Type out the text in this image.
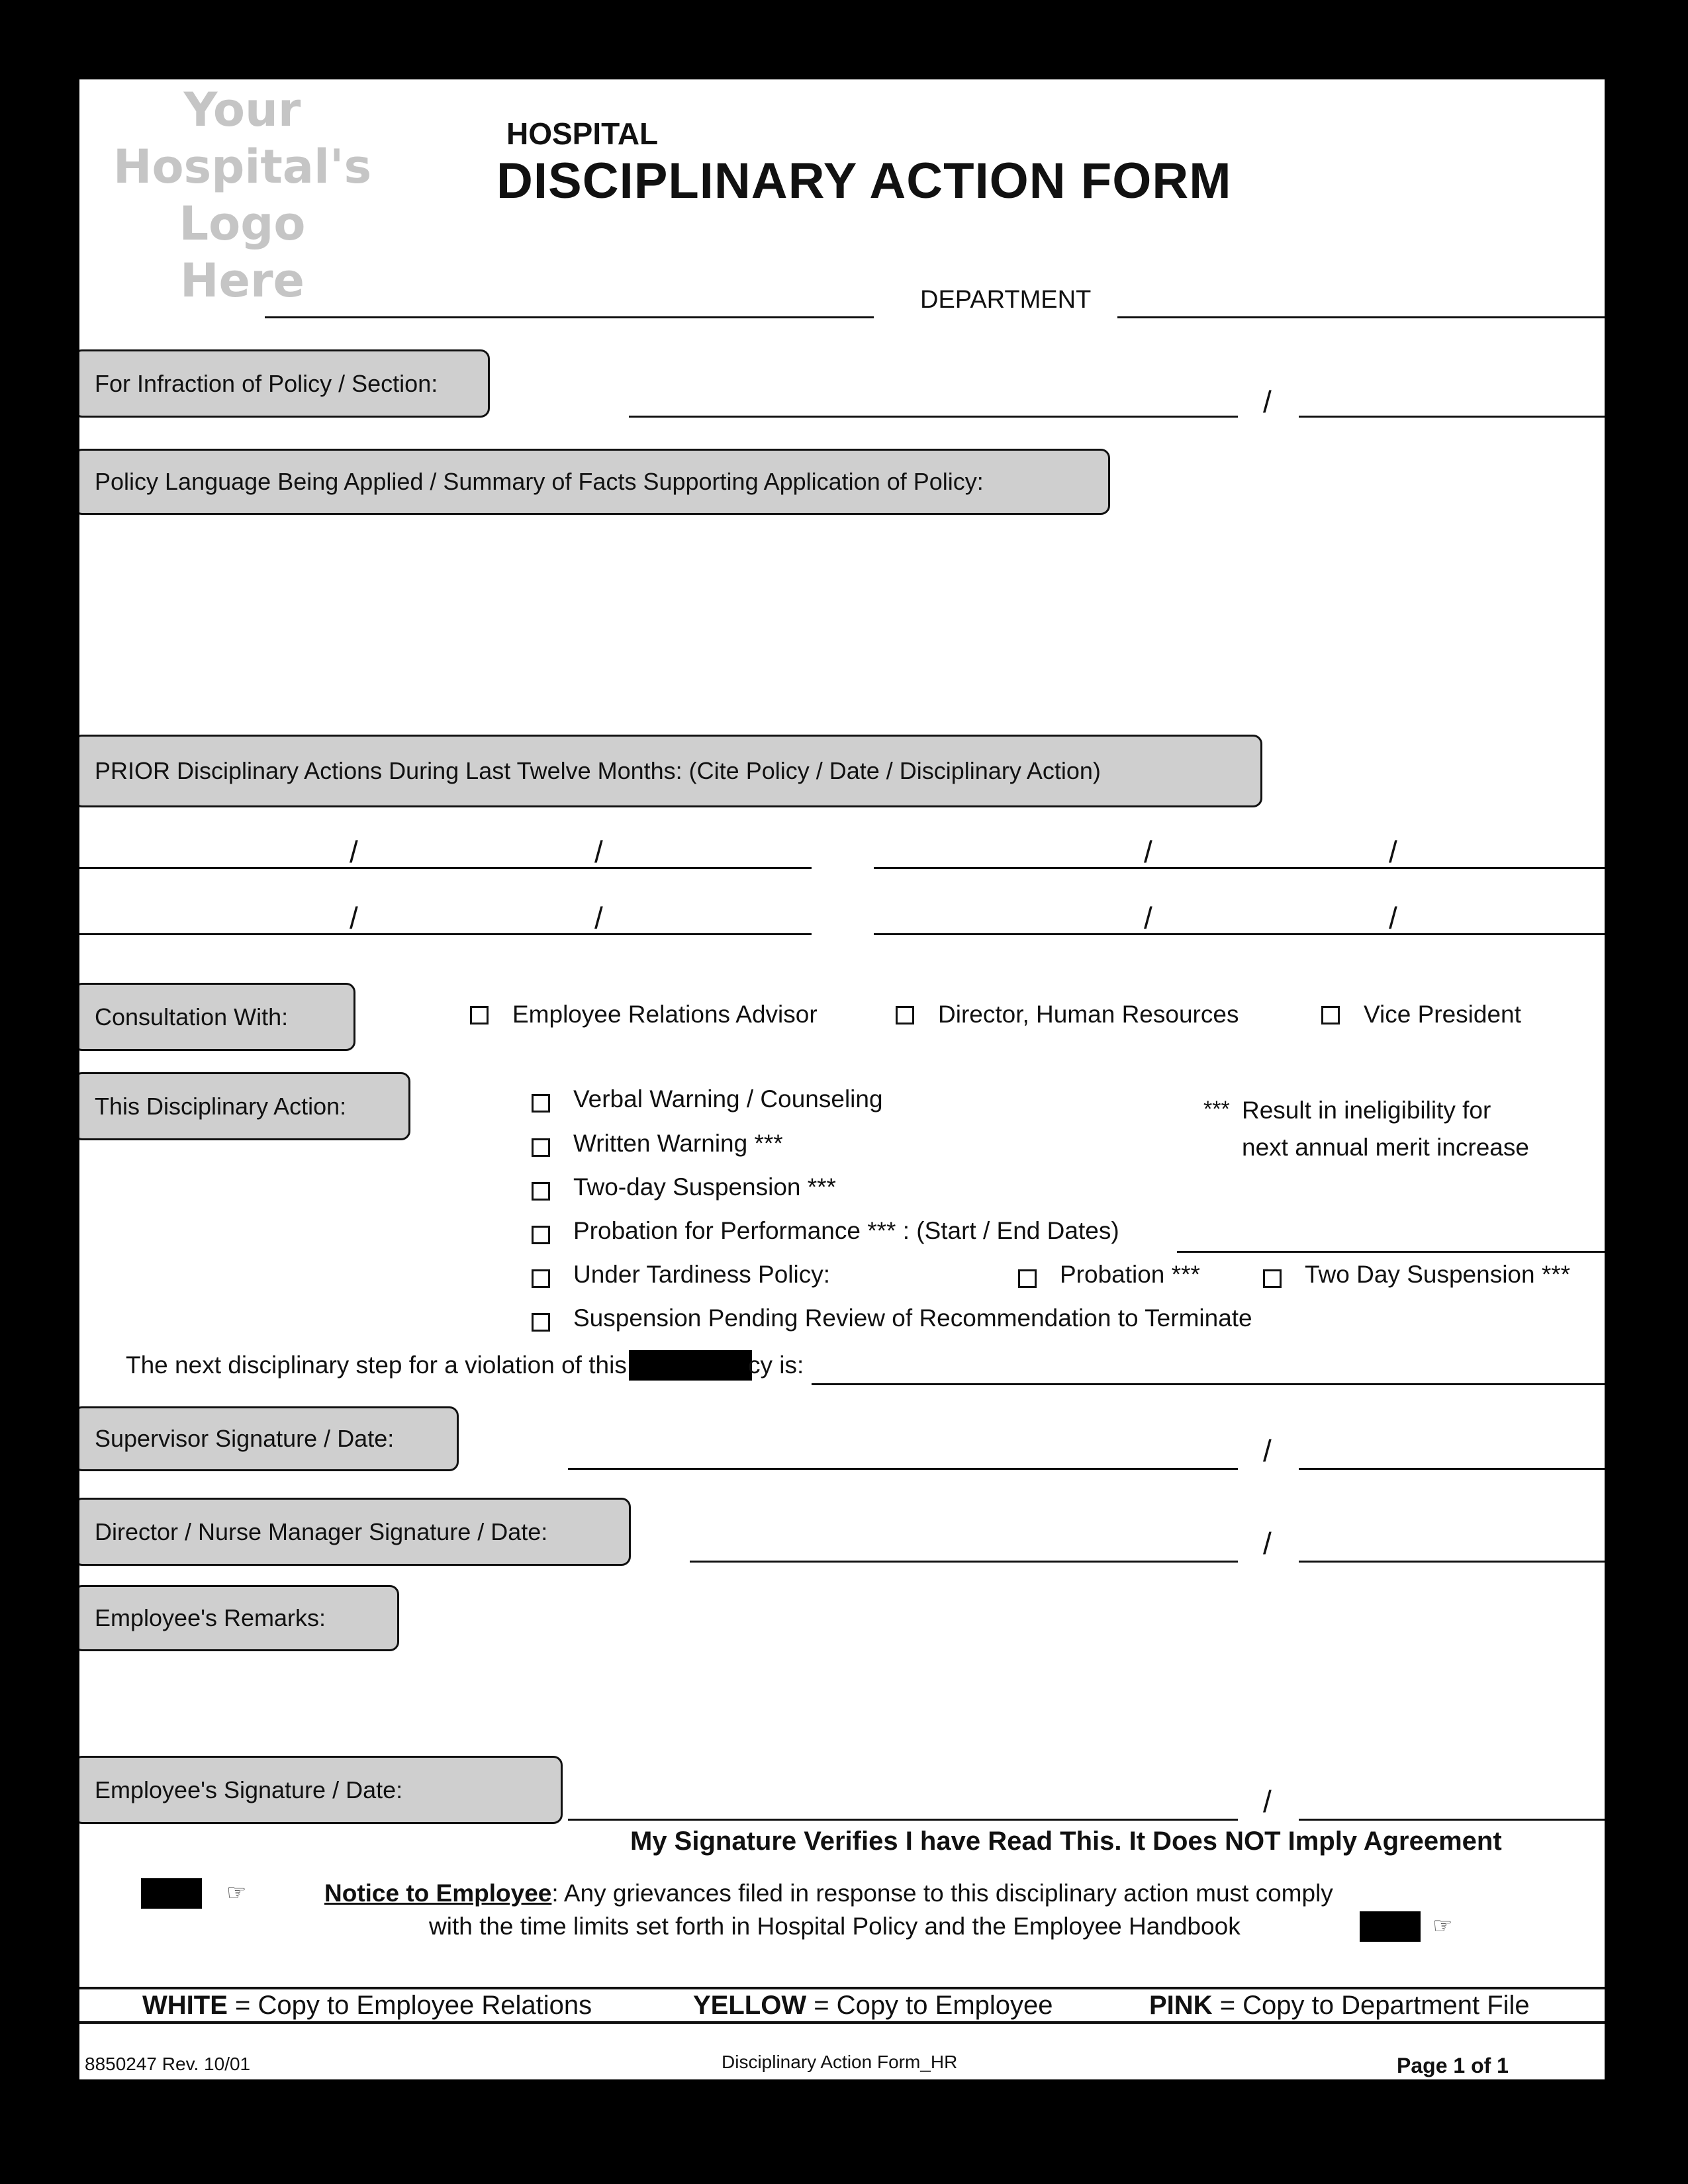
Your
Hospital's
Logo
Here
HOSPITAL
DISCIPLINARY ACTION FORM
DEPARTMENT
For Infraction of Policy / Section:
/
Policy Language Being Applied / Summary of Facts Supporting Application of Policy:
PRIOR Disciplinary Actions During Last Twelve Months: (Cite Policy / Date / Disciplinary Action)
/	/	/	/
/	/	/	/
Consultation With:	Employee Relations Advisor	Director, Human Resources	Vice President
This Disciplinary Action:	Verbal Warning / Counseling
Written Warning ***
Two-day Suspension ***
Probation for Performance *** : (Start / End Dates)
Under Tardiness Policy:	Probation ***	Two Day Suspension ***
Suspension Pending Review of Recommendation to Terminate
*** Result in ineligibility for
next annual merit increase
The next disciplinary step for a violation of this	cy is:
Supervisor Signature / Date:	/
Director / Nurse Manager Signature / Date:	/
Employee's Remarks:
Employee's Signature / Date:	/
My Signature Verifies I have Read This. It Does NOT Imply Agreement
☞	Notice to Employee: Any grievances filed in response to this disciplinary action must comply
with the time limits set forth in Hospital Policy and the Employee Handbook	☞
WHITE = Copy to Employee Relations	YELLOW = Copy to Employee	PINK = Copy to Department File
8850247 Rev. 10/01	Disciplinary Action Form_HR	Page 1 of 1
